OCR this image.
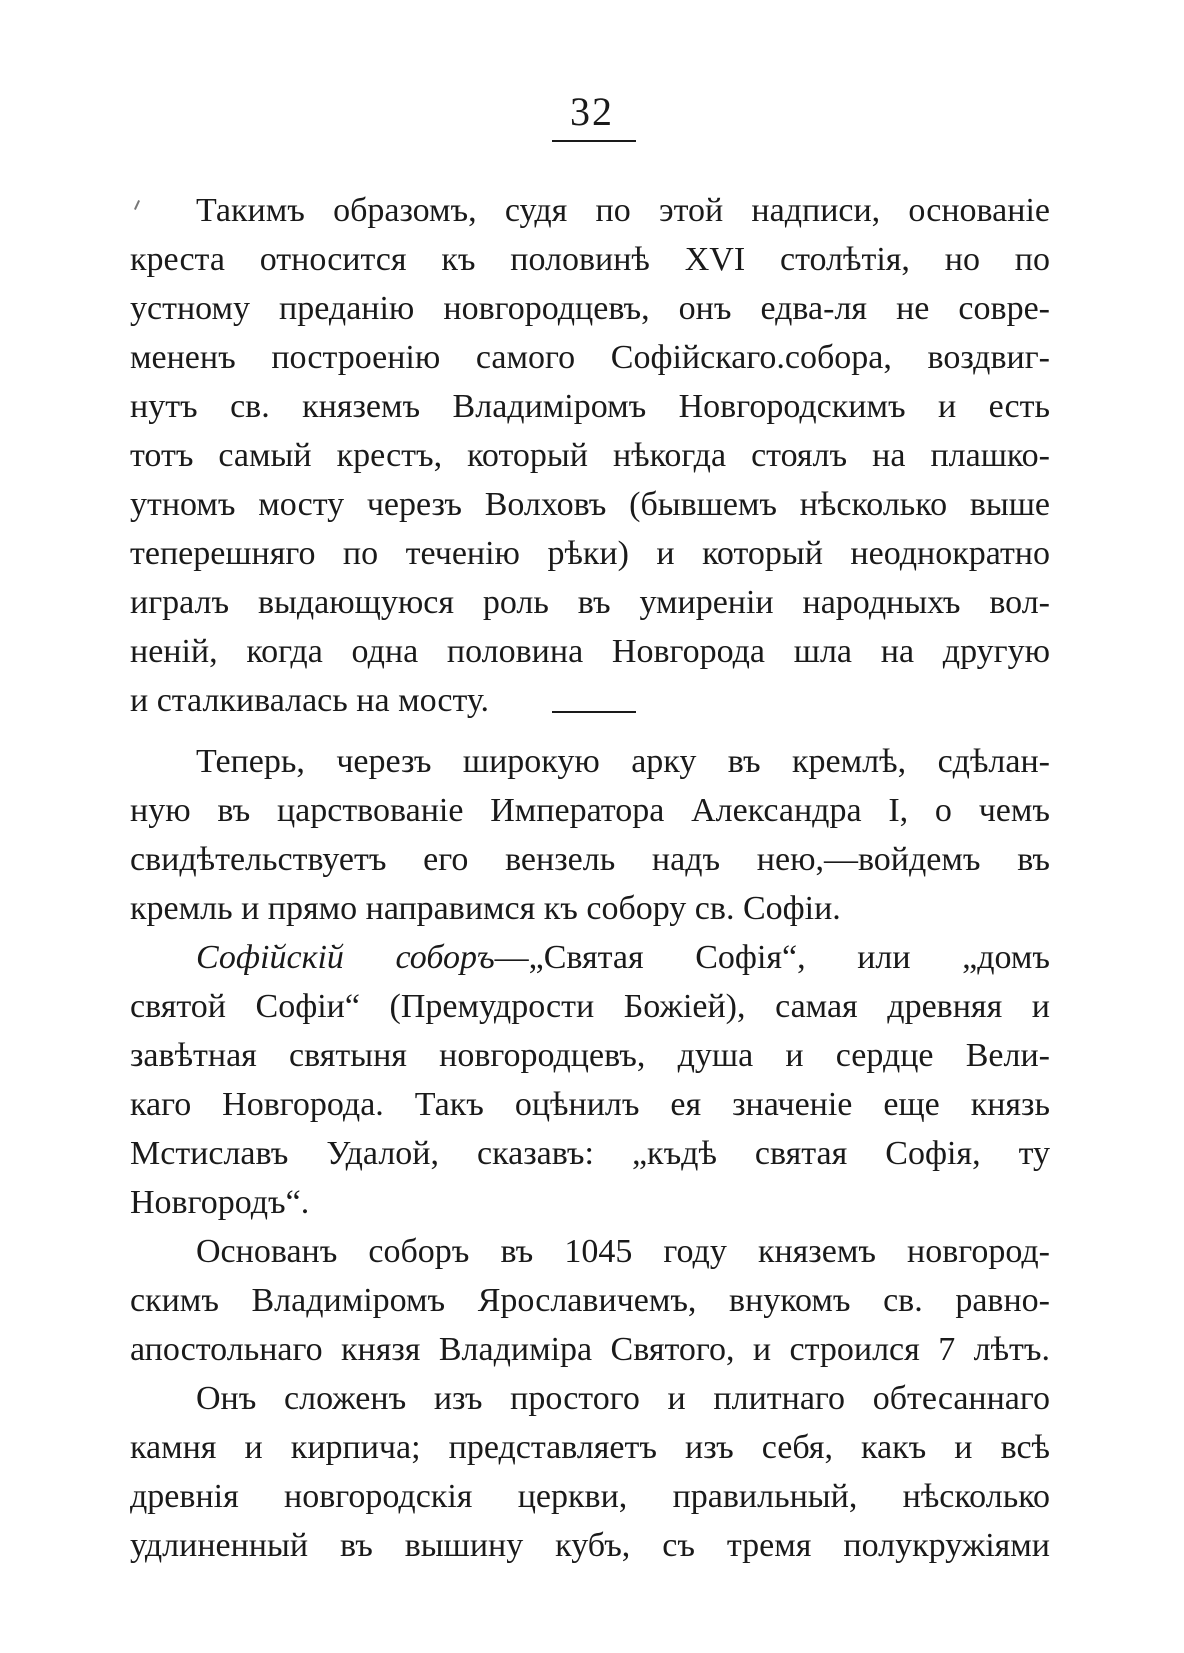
32
Такимъ образомъ, судя по этой надписи, основаніе
креста относится къ половинѣ XVI столѣтія, но по
устному преданію новгородцевъ, онъ едва-ля не совре-
мененъ построенію самого Софійскаго.собора, воздвиг-
нутъ св. княземъ Владиміромъ Новгородскимъ и есть
тотъ самый крестъ, который нѣкогда стоялъ на плашко-
утномъ мосту черезъ Волховъ (бывшемъ нѣсколько выше
теперешняго по теченію рѣки) и который неоднократно
игралъ выдающуюся роль въ умиреніи народныхъ вол-
неній, когда одна половина Новгорода шла на другую
и сталкивалась на мосту.
Теперь, черезъ широкую арку въ кремлѣ, сдѣлан-
ную въ царствованіе Императора Александра I, о чемъ
свидѣтельствуетъ его вензель надъ нею,—войдемъ въ
кремль и прямо направимся къ собору св. Софіи.
Софійскій соборъ—„Святая Софія“, или „домъ
святой Софіи“ (Премудрости Божіей), самая древняя и
завѣтная святыня новгородцевъ, душа и сердце Вели-
каго Новгорода. Такъ оцѣнилъ ея значеніе еще князь
Мстиславъ Удалой, сказавъ: „къдѣ святая Софія, ту
Новгородъ“.
Основанъ соборъ въ 1045 году княземъ новгород-
скимъ Владиміромъ Ярославичемъ, внукомъ св. равно-
апостольнаго князя Владиміра Святого, и строился 7 лѣтъ.
Онъ сложенъ изъ простого и плитнаго обтесаннаго
камня и кирпича; представляетъ изъ себя, какъ и всѣ
древнія новгородскія церкви, правильный, нѣсколько
удлиненный въ вышину кубъ, съ тремя полукружіями
